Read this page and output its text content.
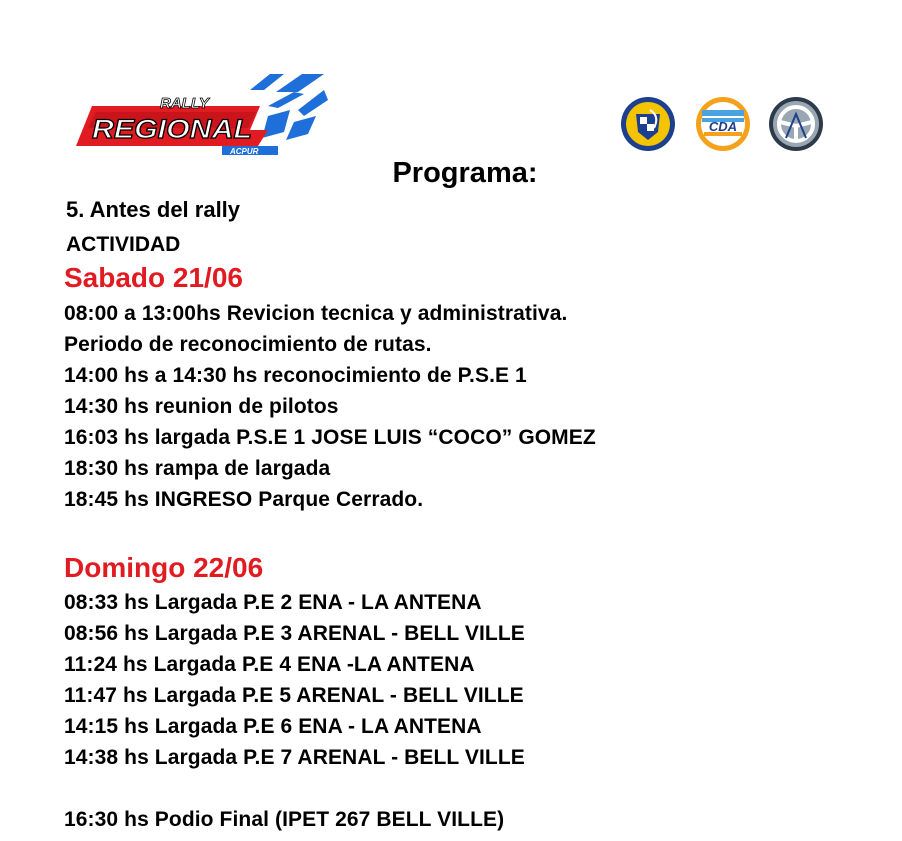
RALLY
REGIONAL
ACPUR
CDA
Programa:
5. Antes del rally
ACTIVIDAD
Sabado 21/06
08:00 a 13:00hs Revicion tecnica y administrativa.
Periodo de reconocimiento de rutas.
14:00 hs a 14:30 hs reconocimiento de P.S.E 1
14:30 hs reunion de pilotos
16:03 hs largada P.S.E 1 JOSE LUIS “COCO” GOMEZ
18:30 hs rampa de largada
18:45 hs INGRESO Parque Cerrado.
Domingo 22/06
08:33 hs Largada P.E 2 ENA - LA ANTENA
08:56 hs Largada P.E 3 ARENAL - BELL VILLE
11:24 hs Largada P.E 4 ENA -LA ANTENA
11:47 hs Largada P.E 5 ARENAL - BELL VILLE
14:15 hs Largada P.E 6 ENA - LA ANTENA
14:38 hs Largada P.E 7 ARENAL - BELL VILLE
16:30 hs Podio Final (IPET 267 BELL VILLE)
